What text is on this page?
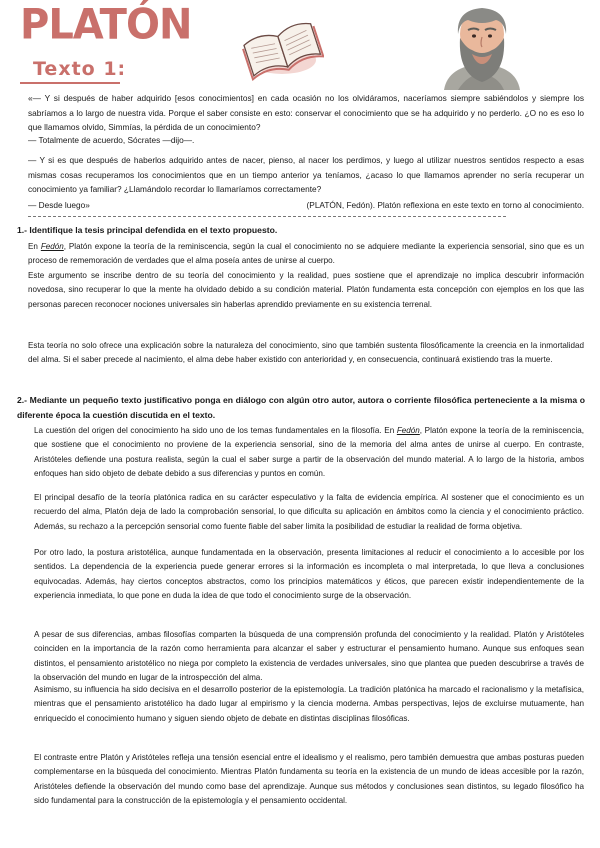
PLATÓN
Texto 1:

«— Y si después de haber adquirido [esos conocimientos] en cada ocasión no los olvidáramos, naceríamos siempre sabiéndolos y siempre los sabríamos a lo largo de nuestra vida. Porque el saber consiste en esto: conservar el conocimiento que se ha adquirido y no perderlo. ¿O no es eso lo que llamamos olvido, Simmías, la pérdida de un conocimiento?

— Totalmente de acuerdo, Sócrates —dijo—.

— Y si es que después de haberlos adquirido antes de nacer, pienso, al nacer los perdimos, y luego al utilizar nuestros sentidos respecto a esas mismas cosas recuperamos los conocimientos que en un tiempo anterior ya teníamos, ¿acaso lo que llamamos aprender no sería recuperar un conocimiento ya familiar? ¿Llamándolo recordar lo llamaríamos correctamente?

— Desde luego»	(PLATÓN, Fedón). Platón reflexiona en este texto en torno al conocimiento.

1.- Identifique la tesis principal defendida en el texto propuesto.

En Fedón, Platón expone la teoría de la reminiscencia, según la cual el conocimiento no se adquiere mediante la experiencia sensorial, sino que es un proceso de rememoración de verdades que el alma poseía antes de unirse al cuerpo.

Este argumento se inscribe dentro de su teoría del conocimiento y la realidad, pues sostiene que el aprendizaje no implica descubrir información novedosa, sino recuperar lo que la mente ha olvidado debido a su condición material. Platón fundamenta esta concepción con ejemplos en los que las personas parecen reconocer nociones universales sin haberlas aprendido previamente en su existencia terrenal.

Esta teoría no solo ofrece una explicación sobre la naturaleza del conocimiento, sino que también sustenta filosóficamente la creencia en la inmortalidad del alma. Si el saber precede al nacimiento, el alma debe haber existido con anterioridad y, en consecuencia, continuará existiendo tras la muerte.

2.- Mediante un pequeño texto justificativo ponga en diálogo con algún otro autor, autora o corriente filosófica perteneciente a la misma o diferente época la cuestión discutida en el texto.

La cuestión del origen del conocimiento ha sido uno de los temas fundamentales en la filosofía. En Fedón, Platón expone la teoría de la reminiscencia, que sostiene que el conocimiento no proviene de la experiencia sensorial, sino de la memoria del alma antes de unirse al cuerpo. En contraste, Aristóteles defiende una postura realista, según la cual el saber surge a partir de la observación del mundo material. A lo largo de la historia, ambos enfoques han sido objeto de debate debido a sus diferencias y puntos en común.

El principal desafío de la teoría platónica radica en su carácter especulativo y la falta de evidencia empírica. Al sostener que el conocimiento es un recuerdo del alma, Platón deja de lado la comprobación sensorial, lo que dificulta su aplicación en ámbitos como la ciencia y el conocimiento práctico. Además, su rechazo a la percepción sensorial como fuente fiable del saber limita la posibilidad de estudiar la realidad de forma objetiva.

Por otro lado, la postura aristotélica, aunque fundamentada en la observación, presenta limitaciones al reducir el conocimiento a lo accesible por los sentidos. La dependencia de la experiencia puede generar errores si la información es incompleta o mal interpretada, lo que lleva a conclusiones equivocadas. Además, hay ciertos conceptos abstractos, como los principios matemáticos y éticos, que parecen existir independientemente de la experiencia inmediata, lo que pone en duda la idea de que todo el conocimiento surge de la observación.

A pesar de sus diferencias, ambas filosofías comparten la búsqueda de una comprensión profunda del conocimiento y la realidad. Platón y Aristóteles coinciden en la importancia de la razón como herramienta para alcanzar el saber y estructurar el pensamiento humano. Aunque sus enfoques sean distintos, el pensamiento aristotélico no niega por completo la existencia de verdades universales, sino que plantea que pueden descubrirse a través de la observación del mundo en lugar de la introspección del alma.

Asimismo, su influencia ha sido decisiva en el desarrollo posterior de la epistemología. La tradición platónica ha marcado el racionalismo y la metafísica, mientras que el pensamiento aristotélico ha dado lugar al empirismo y la ciencia moderna. Ambas perspectivas, lejos de excluirse mutuamente, han enriquecido el conocimiento humano y siguen siendo objeto de debate en distintas disciplinas filosóficas.

El contraste entre Platón y Aristóteles refleja una tensión esencial entre el idealismo y el realismo, pero también demuestra que ambas posturas pueden complementarse en la búsqueda del conocimiento. Mientras Platón fundamenta su teoría en la existencia de un mundo de ideas accesible por la razón, Aristóteles defiende la observación del mundo como base del aprendizaje. Aunque sus métodos y conclusiones sean distintos, su legado filosófico ha sido fundamental para la construcción de la epistemología y el pensamiento occidental.
